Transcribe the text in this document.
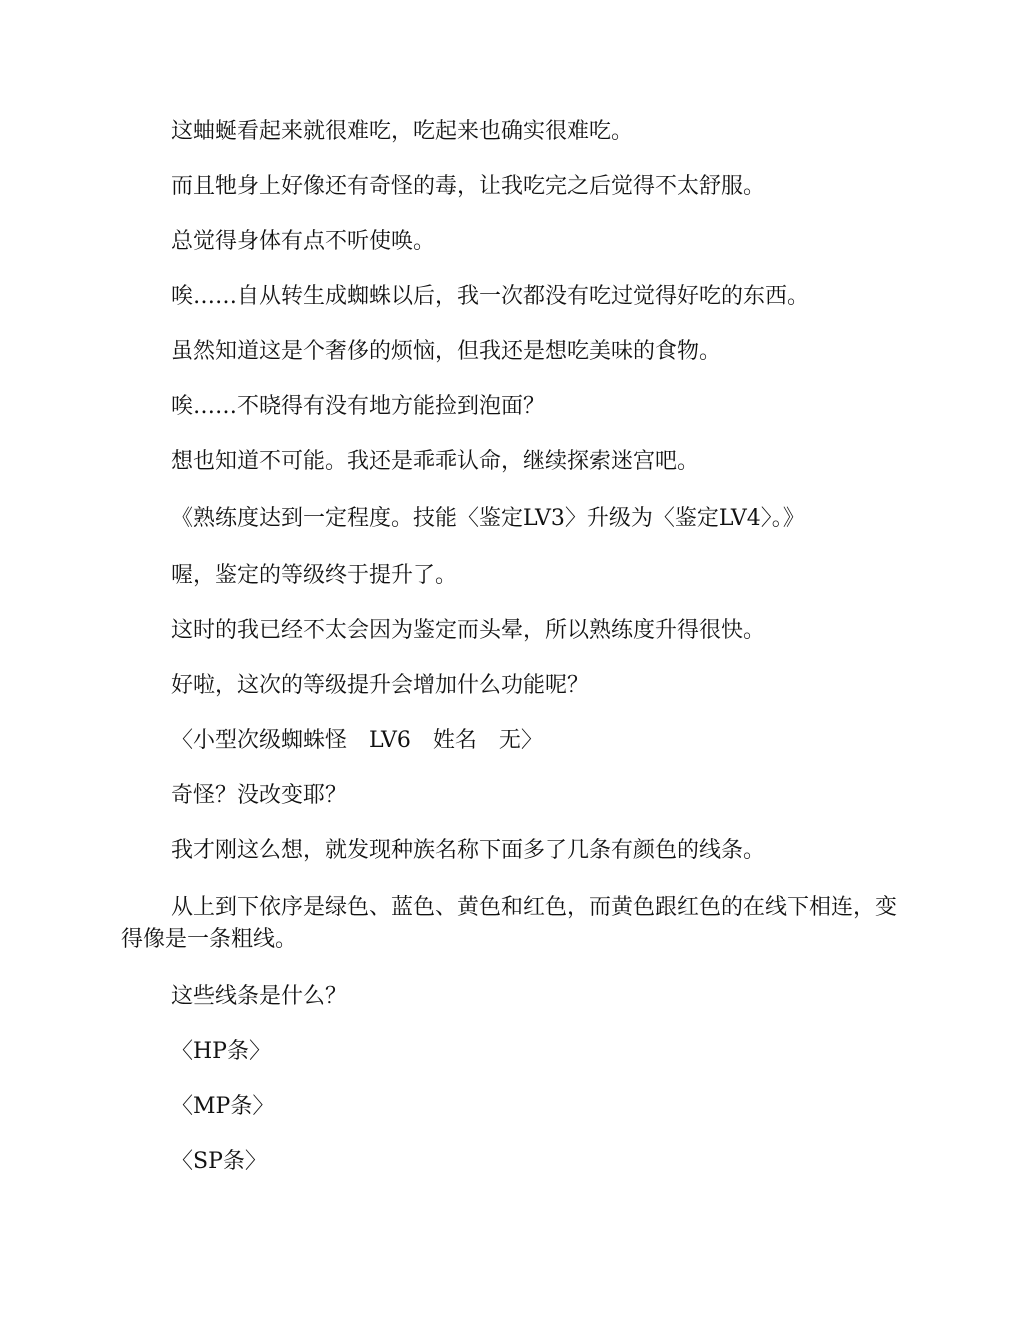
这蚰蜒看起来就很难吃，吃起来也确实很难吃。

而且牠身上好像还有奇怪的毒，让我吃完之后觉得不太舒服。

总觉得身体有点不听使唤。

唉……自从转生成蜘蛛以后，我一次都没有吃过觉得好吃的东西。

虽然知道这是个奢侈的烦恼，但我还是想吃美味的食物。

唉……不晓得有没有地方能捡到泡面？

想也知道不可能。我还是乖乖认命，继续探索迷宫吧。

《熟练度达到一定程度。技能〈鉴定LV3〉升级为〈鉴定LV4〉。》

喔，鉴定的等级终于提升了。

这时的我已经不太会因为鉴定而头晕，所以熟练度升得很快。

好啦，这次的等级提升会增加什么功能呢？

〈小型次级蜘蛛怪　LV6　姓名　无〉

奇怪？没改变耶？

我才刚这么想，就发现种族名称下面多了几条有颜色的线条。

从上到下依序是绿色、蓝色、黄色和红色，而黄色跟红色的在线下相连，变得像是一条粗线。

这些线条是什么？

〈HP条〉

〈MP条〉

〈SP条〉
